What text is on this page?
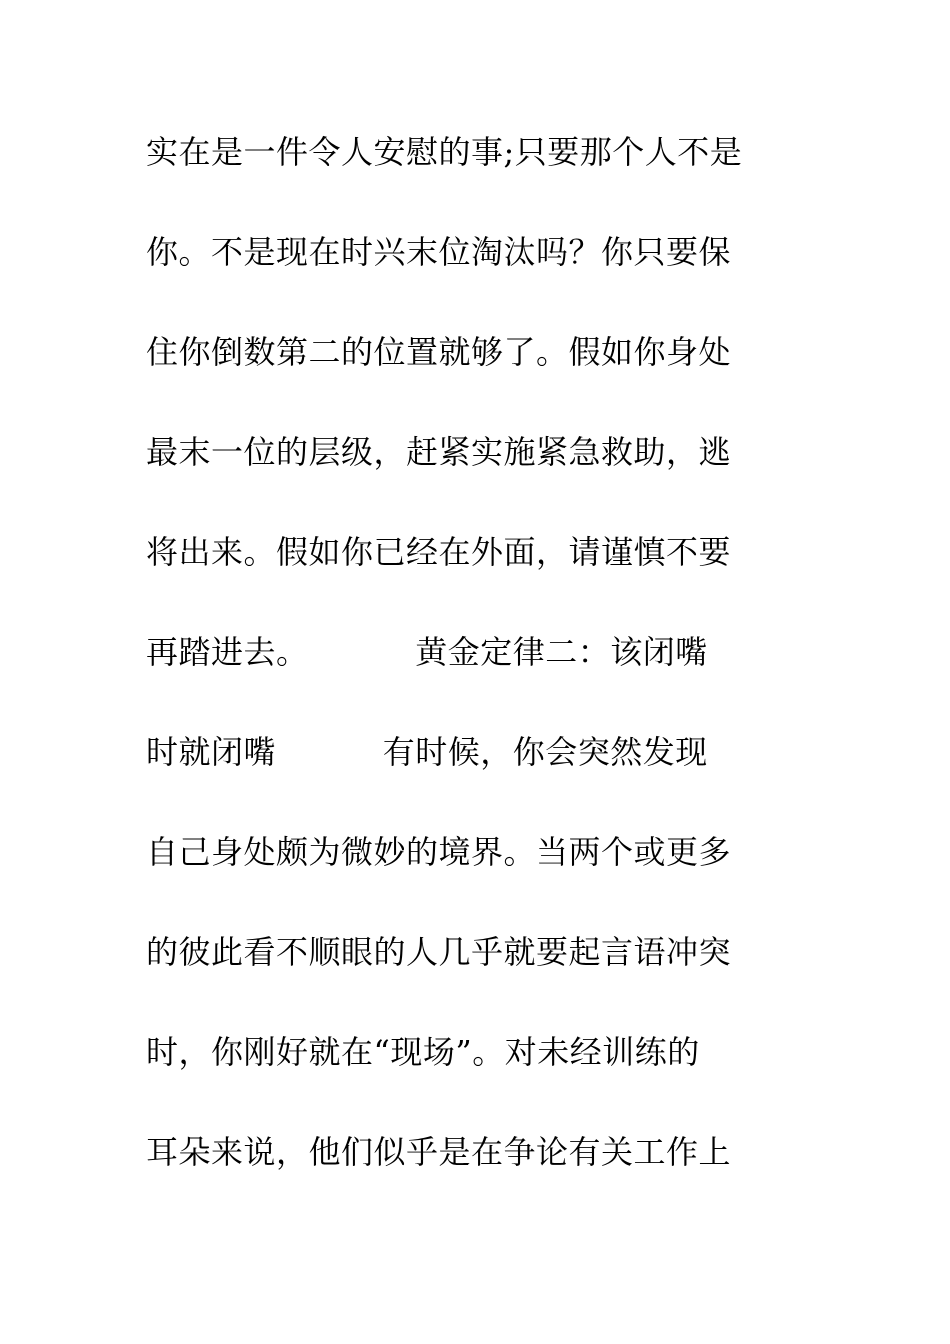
实在是一件令人安慰的事;只要那个人不是
你。不是现在时兴末位淘汰吗？你只要保
住你倒数第二的位置就够了。假如你身处
最末一位的层级，赶紧实施紧急救助，逃
将出来。假如你已经在外面，请谨慎不要
再踏进去。          黄金定律二：该闭嘴
时就闭嘴          有时候，你会突然发现
自己身处颇为微妙的境界。当两个或更多
的彼此看不顺眼的人几乎就要起言语冲突
时，你刚好就在“现场”。对未经训练的
耳朵来说，他们似乎是在争论有关工作上
